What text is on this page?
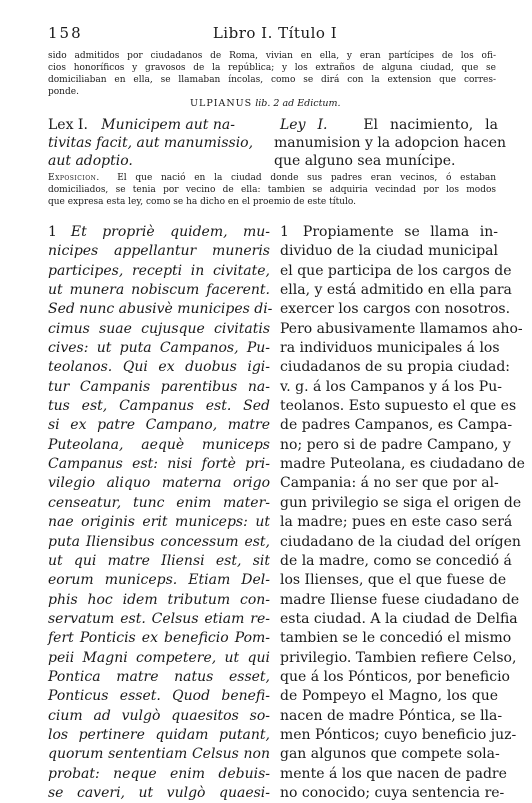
158	Libro I. Título I
sido admitidos por ciudadanos de Roma, vivian en ella, y eran partícipes de los ofi-
cios honoríficos y gravosos de la república; y los extraños de alguna ciudad, que se
domiciliaban en ella, se llamaban íncolas, como se dirá con la extension que corres-
ponde.
ULPIANUS lib. 2 ad Edictum.
Lex I. Municipem aut na-
tivitas facit, aut manumissio,
aut adoptio.
Ley I.	El nacimiento, la
manumision y la adopcion hacen
que alguno sea munícipe.
Exposicion. El que nació en la ciudad donde sus padres eran vecinos, ó estaban
domiciliados, se tenia por vecino de ella: tambien se adquiria vecindad por los modos
que expresa esta ley, como se ha dicho en el proemio de este título.
1  Et propriè quidem, mu-
nicipes appellantur muneris
participes, recepti in civitate,
ut munera nobiscum facerent.
Sed nunc abusivè municipes di-
cimus suae cujusque civitatis
cives: ut puta Campanos, Pu-
teolanos. Qui ex duobus igi-
tur Campanis parentibus na-
tus est, Campanus est. Sed
si ex patre Campano, matre
Puteolana, aequè municeps
Campanus est: nisi fortè pri-
vilegio aliquo materna origo
censeatur, tunc enim mater-
nae originis erit municeps: ut
puta Iliensibus concessum est,
ut qui matre Iliensi est, sit
eorum municeps. Etiam Del-
phis hoc idem tributum con-
servatum est. Celsus etiam re-
fert Ponticis ex beneficio Pom-
peii Magni competere, ut qui
Pontica matre natus esset,
Ponticus esset. Quod benefi-
cium ad vulgò quaesitos so-
los pertinere quidam putant,
quorum sententiam Celsus non
probat: neque enim debuis-
se caveri, ut vulgò quaesi-
1  Propiamente se llama in-
dividuo de la ciudad municipal
el que participa de los cargos de
ella, y está admitido en ella para
exercer los cargos con nosotros.
Pero abusivamente llamamos aho-
ra individuos municipales á los
ciudadanos de su propia ciudad:
v. g. á los Campanos y á los Pu-
teolanos. Esto supuesto el que es
de padres Campanos, es Campa-
no; pero si de padre Campano, y
madre Puteolana, es ciudadano de
Campania: á no ser que por al-
gun privilegio se siga el origen de
la madre; pues en este caso será
ciudadano de la ciudad del orígen
de la madre, como se concedió á
los Ilienses, que el que fuese de
madre Iliense fuese ciudadano de
esta ciudad. A la ciudad de Delfia
tambien se le concedió el mismo
privilegio. Tambien refiere Celso,
que á los Pónticos, por beneficio
de Pompeyo el Magno, los que
nacen de madre Póntica, se lla-
men Pónticos; cuyo beneficio juz-
gan algunos que compete sola-
mente á los que nacen de padre
no conocido; cuya sentencia re-
